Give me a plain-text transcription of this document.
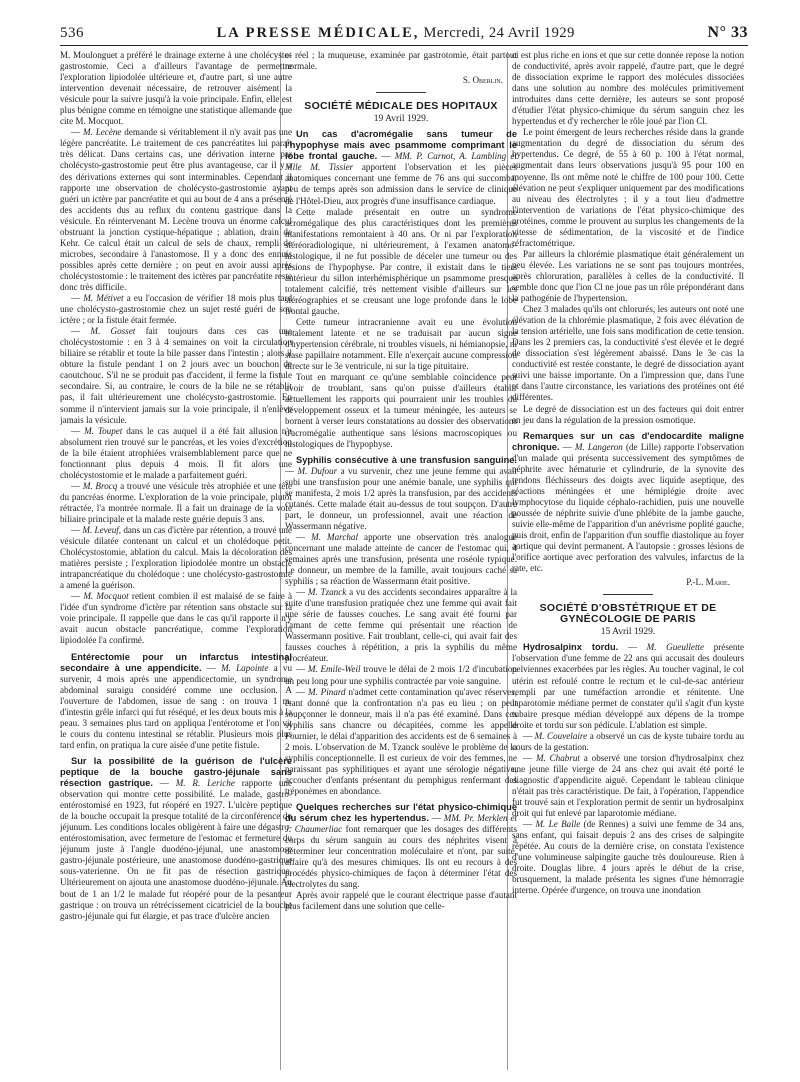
536	LA PRESSE MÉDICALE, Mercredi, 24 Avril 1929	N° 33

M. Moulonguet a préféré le drainage externe à une cholécysto-gastrostomie. Ceci a d'ailleurs l'avantage de permettre l'exploration lipiodolée ultérieure et, d'autre part, si une autre intervention devenait nécessaire, de retrouver aisément la vésicule pour la suivre jusqu'à la voie principale. Enfin, elle est plus bénigne comme en témoigne une statistique allemande que cite M. Mocquot.

— M. Lecène demande si véritablement il n'y avait pas une légère pancréatite. Le traitement de ces pancréatites lui paraît très délicat. Dans certains cas, une dérivation interne par cholécysto-gastrostomie peut être plus avantageuse, car il y a des dérivations externes qui sont interminables. Cependant il rapporte une observation de cholécysto-gastrostomie ayant guéri un ictère par pancréatite et qui au bout de 4 ans a présenté des accidents dus au reflux du contenu gastrique dans la vésicule. En réintervenant M. Lecène trouva un énorme calcul obstruant la jonction cystique-hépatique ; ablation, drain de Kehr. Ce calcul était un calcul de sels de chaux, rempli de microbes, secondaire à l'anastomose. Il y a donc des ennuis possibles après cette dernière ; on peut en avoir aussi après cholécystostomie : le traitement des ictères par pancréatite reste donc très difficile.

— M. Métivet a eu l'occasion de vérifier 18 mois plus tard une cholécysto-gastrostomie chez un sujet resté guéri de son ictère ; or la fistule était fermée.

— M. Gosset fait toujours dans ces cas une cholécystostomie : en 3 à 4 semaines on voit la circulation biliaire se rétablir et toute la bile passer dans l'intestin ; alors il obture la fistule pendant 1 on 2 jours avec un bouchon de caoutchouc. S'il ne se produit pas d'accident, il ferme la fistule secondaire. Si, au contraire, le cours de la bile ne se rétablit pas, il fait ultérieurement une cholécysto-gastrostomie. En somme il n'intervient jamais sur la voie principale, il n'enlève jamais la vésicule.

— M. Toupet dans le cas auquel il a été fait allusion n'a absolument rien trouvé sur le pancréas, et les voies d'excrétion de la bile étaient atrophiées vraisemblablement parce que ne fonctionnant plus depuis 4 mois. Il fit alors une cholécystostomie et le malade a parfaitement guéri.

— M. Brocq a trouvé une vésicule très atrophiée et une tête du pancréas énorme. L'exploration de la voie principale, plutôt rétractée, l'a montrée normale. Il a fait un drainage de la voie biliaire principale et la malade reste guérie depuis 3 ans.

— M. Leveuf, dans un cas d'ictère par rétention, a trouvé une vésicule dilatée contenant un calcul et un cholédoque petit. Cholécystostomie, ablation du calcul. Mais la décoloration des matières persiste ; l'exploration lipiodolée montre un obstacle intrapancréatique du cholédoque : une cholécysto-gastrostomie a amené la guérison.

— M. Mocquot retient combien il est malaisé de se faire à l'idée d'un syndrome d'ictère par rétention sans obstacle sur la voie principale. Il rappelle que dans le cas qu'il rapporte il n'y avait aucun obstacle pancréatique, comme l'exploration lipiodolée l'a confirmé.

Entérectomie pour un infarctus intestinal secondaire à une appendicite. — M. Lapointe a vu survenir, 4 mois après une appendicectomie, un syndrome abdominal suraigu considéré comme une occlusion. A l'ouverture de l'abdomen, issue de sang : on trouva 1 m. d'intestin grêle infarci qui fut réséqué, et les deux bouts mis à la peau. 3 semaines plus tard on appliqua l'entérotome et l'on vit le cours du contenu intestinal se rétablir. Plusieurs mois plus tard enfin, on pratiqua la cure aisée d'une petite fistule.

Sur la possibilité de la guérison de l'ulcère peptique de la bouche gastro-jéjunale sans résection gastrique. — M. R. Leriche rapporte une observation qui montre cette possibilité. Le malade, gastro-entérostomisé en 1923, fut réopéré en 1927. L'ulcère peptique de la bouche occupait la presque totalité de la circonférence du jéjunum. Les conditions locales obligèrent à faire une dégastro-entérostomisation, avec fermeture de l'estomac et fermeture du jéjunum juste à l'angle duodéno-jéjunal, une anastomose gastro-jéjunale postérieure, une anastomose duodéno-gastrique sous-vaterienne. On ne fit pas de résection gastrique. Ultérieurement on ajouta une anastomose duodéno-jéjunale. Au bout de 1 an 1/2 le malade fut réopéré pour de la pesanteur gastrique : on trouva un rétrécissement cicatriciel de la bouche gastro-jéjunale qui fut élargie, et pas trace d'ulcère ancien

et réel ; la muqueuse, examinée par gastrotomie, était partout normale.

S. Oberlin.
SOCIÉTÉ MÉDICALE DES HOPITAUX
19 Avril 1929.

Un cas d'acromégalie sans tumeur de l'hypophyse mais avec psammome comprimant le lobe frontal gauche. — MM. P. Carnot, A. Lambling et Mlle M. Tissier apportent l'observation et les pièces anatomiques concernant une femme de 76 ans qui succomba, peu de temps après son admission dans le service de clinique de l'Hôtel-Dieu, aux progrès d'une insuffisance cardiaque.

Cette malade présentait en outre un syndrome acromégalique des plus caractéristiques dont les premières manifestations remontaient à 40 ans. Or ni par l'exploration stéréoradiologique, ni ultérieurement, à l'examen anatomo-histologique, il ne fut possible de déceler une tumeur ou des lésions de l'hypophyse. Par contre, il existait dans le tiers antérieur du sillon interhémisphérique un psammome presque totalement calcifié, très nettement visible d'ailleurs sur les stéréographies et se creusant une loge profonde dans le lobe frontal gauche.

Cette tumeur intracranienne avait eu une évolution totalement latente et ne se traduisait par aucun signe d'hypertension cérébrale, ni troubles visuels, ni hémianopsie, ni stase papillaire notamment. Elle n'exerçait aucune compression directe sur le 3e ventricule, ni sur la tige pituitaire.

Tout en marquant ce qu'une semblable coïncidence peut avoir de troublant, sans qu'on puisse d'ailleurs établir actuellement les rapports qui pourraient unir les troubles du développement osseux et la tumeur méningée, les auteurs se bornent à verser leurs constatations au dossier des observations d'acromégalie authentique sans lésions macroscopiques ou histologiques de l'hypophyse.

Syphilis consécutive à une transfusion sanguine. — M. Dufour a vu survenir, chez une jeune femme qui avait subi une transfusion pour une anémie banale, une syphilis qui se manifesta, 2 mois 1/2 après la transfusion, par des accidents cutanés. Cette malade était au-dessus de tout soupçon. D'autre part, le donneur, un professionnel, avait une réaction de Wassermann négative.

— M. Marchal apporte une observation très analogue concernant une malade atteinte de cancer de l'estomac qui, 4 semaines après une transfusion, présenta une roséole typique. Le donneur, un membre de la famille, avait toujours caché sa syphilis ; sa réaction de Wassermann était positive.

— M. Tzanck a vu des accidents secondaires apparaître à la suite d'une transfusion pratiquée chez une femme qui avait fait une série de fausses couches. Le sang avait été fourni par l'amant de cette femme qui présentait une réaction de Wassermann positive. Fait troublant, celle-ci, qui avait fait des fausses couches à répétition, a pris la syphilis du même procréateur.

— M. Emile-Weil trouve le délai de 2 mois 1/2 d'incubation un peu long pour une syphilis contractée par voie sanguine.

— M. Pinard n'admet cette contamination qu'avec réserves, étant donné que la confrontation n'a pas eu lieu ; on peut soupçonner le donneur, mais il n'a pas été examiné. Dans ces syphilis sans chancre ou décapitées, comme les appelle Fournier, le délai d'apparition des accidents est de 6 semaines à 2 mois. L'observation de M. Tzanck soulève le problème de la syphilis conceptionnelle. Il est curieux de voir des femmes, ne paraissant pas syphilitiques et ayant une sérologie négative, accoucher d'enfants présentant du pemphigus renfermant des tréponèmes en abondance.

Quelques recherches sur l'état physico-chimique du sérum chez les hypertendus. — MM. Pr. Merklen et J. Chaumerliac font remarquer que les dosages des différents corps du sérum sanguin au cours des néphrites visent à déterminer leur concentration moléculaire et n'ont, par suite, affaire qu'à des mesures chimiques. Ils ont eu recours à des procédés physico-chimiques de façon à déterminer l'état des électrolytes du sang.

Après avoir rappelé que le courant électrique passe d'autant plus facilement dans une solution que celle-

ci est plus riche en ions et que sur cette donnée repose la notion de conductivité, après avoir rappelé, d'autre part, que le degré de dissociation exprime le rapport des molécules dissociées dans une solution au nombre des molécules primitivement introduites dans cette dernière, les auteurs se sont proposé d'étudier l'état physico-chimique du sérum sanguin chez les hypertendus et d'y rechercher le rôle joué par l'ion Cl.

Le point émergent de leurs recherches réside dans la grande augmentation du degré de dissociation du sérum des hypertendus. Ce degré, de 55 à 60 p. 100 à l'état normal, augmentait dans leurs observations jusqu'à 95 pour 100 en moyenne. Ils ont même noté le chiffre de 100 pour 100. Cette élévation ne peut s'expliquer uniquement par des modifications au niveau des électrolytes ; il y a tout lieu d'admettre l'intervention de variations de l'état physico-chimique des protéines, comme le prouvent au surplus les changements de la vitesse de sédimentation, de la viscosité et de l'indice réfractométrique.

Par ailleurs la chlorémie plasmatique était généralement un peu élevée. Les variations ne se sont pas toujours montrées, après chloruration, parallèles à celles de la conductivité. Il semble donc que l'ion Cl ne joue pas un rôle prépondérant dans la pathogénie de l'hypertension.

Chez 3 malades qu'ils ont chlorurés, les auteurs ont noté une élévation de la chlorémie plasmatique, 2 fois avec élévation de la tension artérielle, une fois sans modification de cette tension. Dans les 2 premiers cas, la conductivité s'est élevée et le degré de dissociation s'est légèrement abaissé. Dans le 3e cas la conductivité est restée constante, le degré de dissociation ayant suivi une baisse importante. On a l'impression que, dans l'une et dans l'autre circonstance, les variations des protéines ont été différentes.

Le degré de dissociation est un des facteurs qui doit entrer en jeu dans la régulation de la pression osmotique.

Remarques sur un cas d'endocardite maligne chronique. — M. Langeron (de Lille) rapporte l'observation d'un malade qui présenta successivement des symptômes de néphrite avec hématurie et cylindrurie, de la synovite des tendons fléchisseurs des doigts avec liquide aseptique, des réactions méningées et une hémiplégie droite avec lymphocytose du liquide céphalo-rachidien, puis une nouvelle poussée de néphrite suivie d'une phlébite de la jambe gauche, suivie elle-même de l'apparition d'un anévrisme poplité gauche, puis droit, enfin de l'apparition d'un souffle diastolique au foyer aortique qui devint permanent. A l'autopsie : grosses lésions de l'orifice aortique avec perforation des valvules, infarctus de la rate, etc.

P.-L. Marie.
SOCIÉTÉ D'OBSTÉTRIQUE ET DE GYNÉCOLOGIE DE PARIS
15 Avril 1929.

Hydrosalpinx tordu. — M. Gueullette présente l'observation d'une femme de 22 ans qui accusait des douleurs pelviennes exacerbées par les règles. Au toucher vaginal, le col utérin est refoulé contre le rectum et le cul-de-sac antérieur rempli par une tuméfaction arrondie et rénitente. Une laparotomie médiane permet de constater qu'il s'agit d'un kyste tubaire presque médian développé aux dépens de la trompe droite et tordu sur son pédicule. L'ablation est simple.

— M. Couvelaire a observé un cas de kyste tubaire tordu au cours de la gestation.

— M. Chabrut a observé une torsion d'hydrosalpinx chez une jeune fille vierge de 24 ans chez qui avait été porté le diagnostic d'appendicite aiguë. Cependant le tableau clinique n'était pas très caractéristique. De fait, à l'opération, l'appendice fut trouvé sain et l'exploration permit de sentir un hydrosalpinx droit qui fut enlevé par laparotomie médiane.

— M. Le Balle (de Rennes) a suivi une femme de 34 ans, sans enfant, qui faisait depuis 2 ans des crises de salpingite répétée. Au cours de la dernière crise, on constata l'existence d'une volumineuse salpingite gauche très douloureuse. Rien à droite. Douglas libre. 4 jours après le début de la crise, brusquement, la malade présenta les signes d'une hémorragie interne. Opérée d'urgence, on trouva une inondation
